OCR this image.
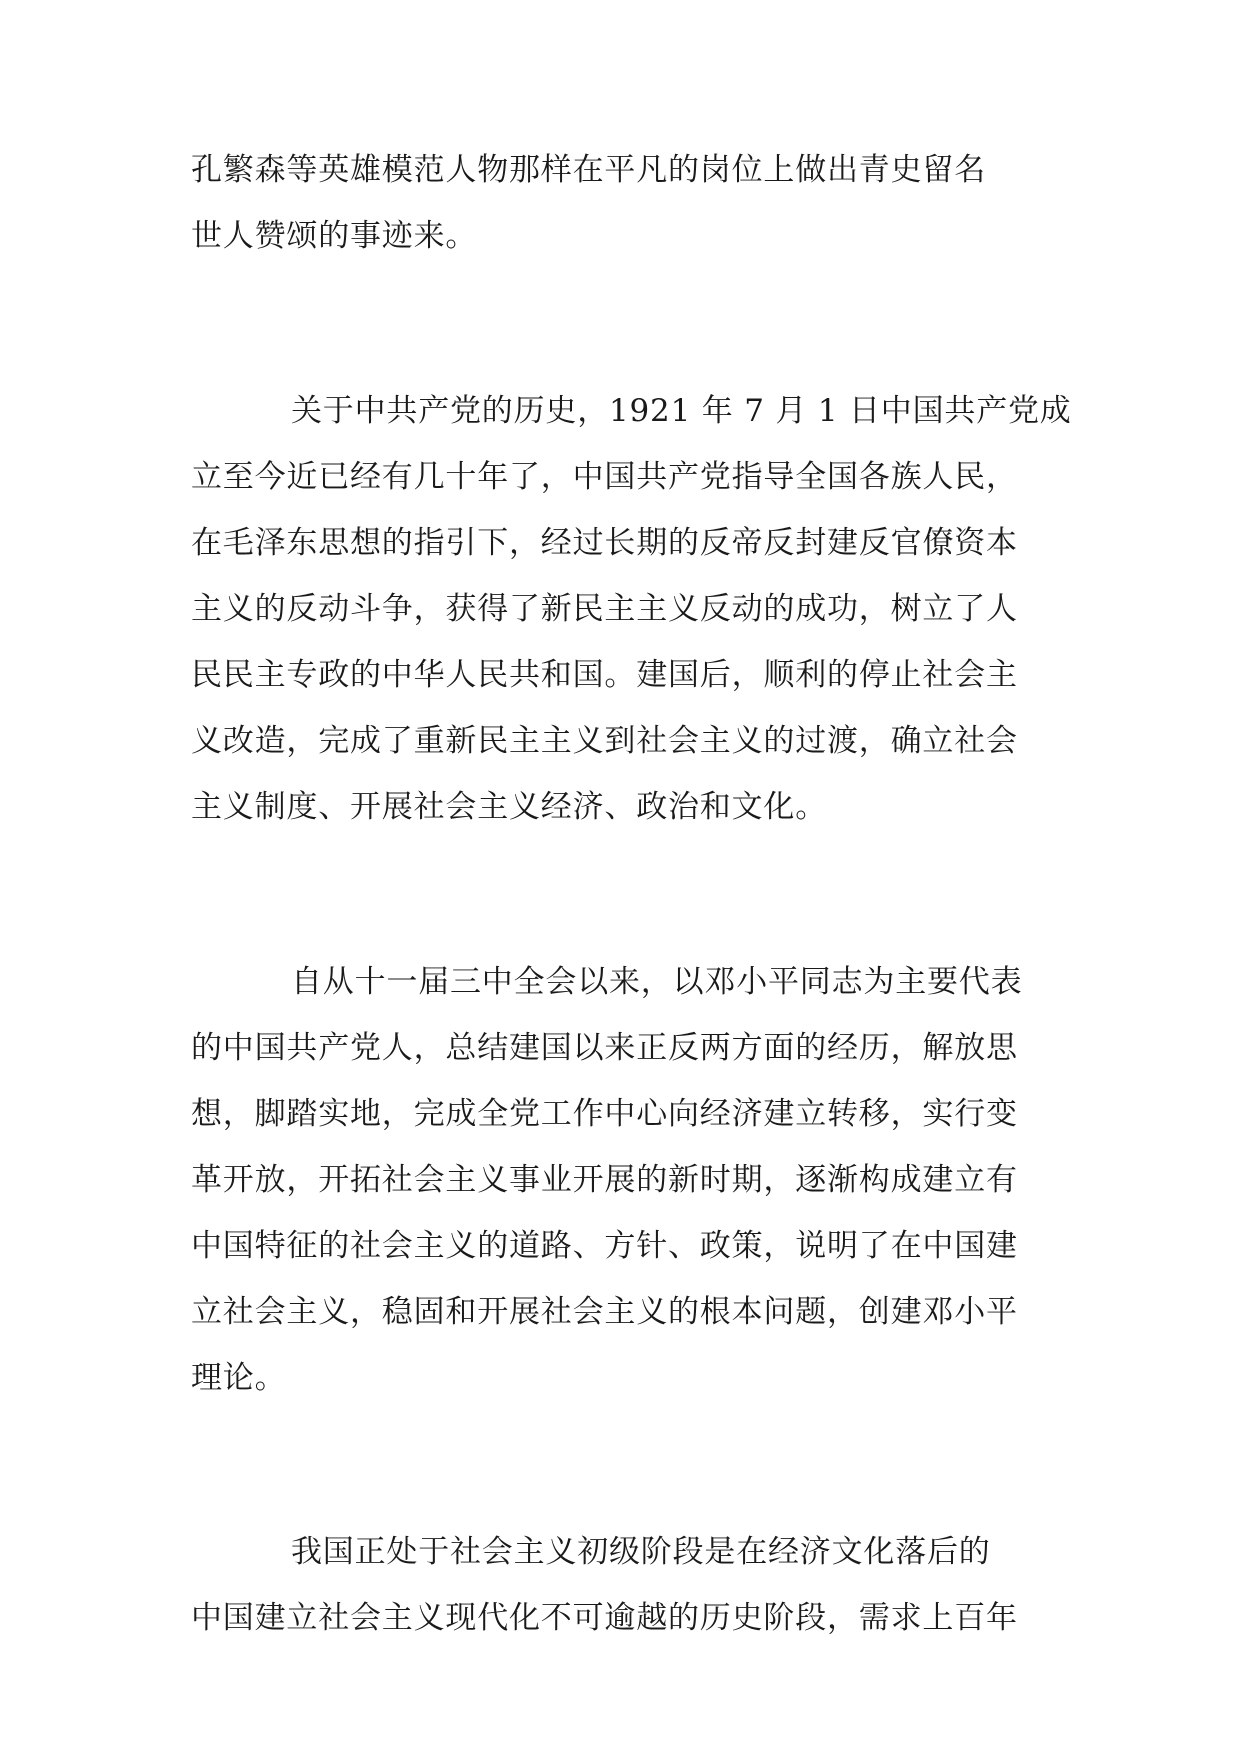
孔繁森等英雄模范人物那样在平凡的岗位上做出青史留名
世人赞颂的事迹来。
关于中共产党的历史，1921 年 7 月 1 日中国共产党成
立至今近已经有几十年了，中国共产党指导全国各族人民，
在毛泽东思想的指引下，经过长期的反帝反封建反官僚资本
主义的反动斗争，获得了新民主主义反动的成功，树立了人
民民主专政的中华人民共和国。建国后，顺利的停止社会主
义改造，完成了重新民主主义到社会主义的过渡，确立社会
主义制度、开展社会主义经济、政治和文化。
自从十一届三中全会以来，以邓小平同志为主要代表
的中国共产党人，总结建国以来正反两方面的经历，解放思
想，脚踏实地，完成全党工作中心向经济建立转移，实行变
革开放，开拓社会主义事业开展的新时期，逐渐构成建立有
中国特征的社会主义的道路、方针、政策，说明了在中国建
立社会主义，稳固和开展社会主义的根本问题，创建邓小平
理论。
我国正处于社会主义初级阶段是在经济文化落后的
中国建立社会主义现代化不可逾越的历史阶段，需求上百年
